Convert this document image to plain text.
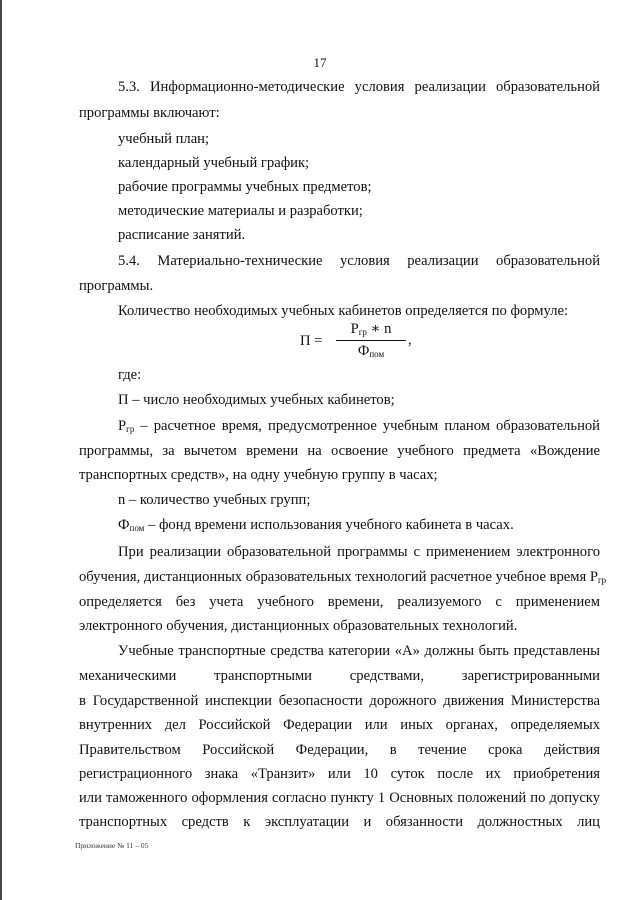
17
5.3. Информационно-методические условия реализации образовательной
программы включают:
учебный план;
календарный учебный график;
рабочие программы учебных предметов;
методические материалы и разработки;
расписание занятий.
5.4. Материально-технические условия реализации образовательной
программы.
Количество необходимых учебных кабинетов определяется по формуле:
П =
$Р_{гр}$ ∗ n
$Ф_{пом}$
,
где:
П – число необходимых учебных кабинетов;
$Р_{гр}$ – расчетное время, предусмотренное учебным планом образовательной
программы, за вычетом времени на освоение учебного предмета «Вождение
транспортных средств», на одну учебную группу в часах;
n – количество учебных групп;
$Ф_{пом}$ – фонд времени использования учебного кабинета в часах.
При реализации образовательной программы с применением электронного
обучения, дистанционных образовательных технологий расчетное учебное время $Р_{гр}$
определяется без учета учебного времени, реализуемого с применением
электронного обучения, дистанционных образовательных технологий.
Учебные транспортные средства категории «А» должны быть представлены
механическими транспортными средствами, зарегистрированными
в Государственной инспекции безопасности дорожного движения Министерства
внутренних дел Российской Федерации или иных органах, определяемых
Правительством Российской Федерации, в течение срока действия
регистрационного знака «Транзит» или 10 суток после их приобретения
или таможенного оформления согласно пункту 1 Основных положений по допуску
транспортных средств к эксплуатации и обязанности должностных лиц
Приложение № 11 – 05
